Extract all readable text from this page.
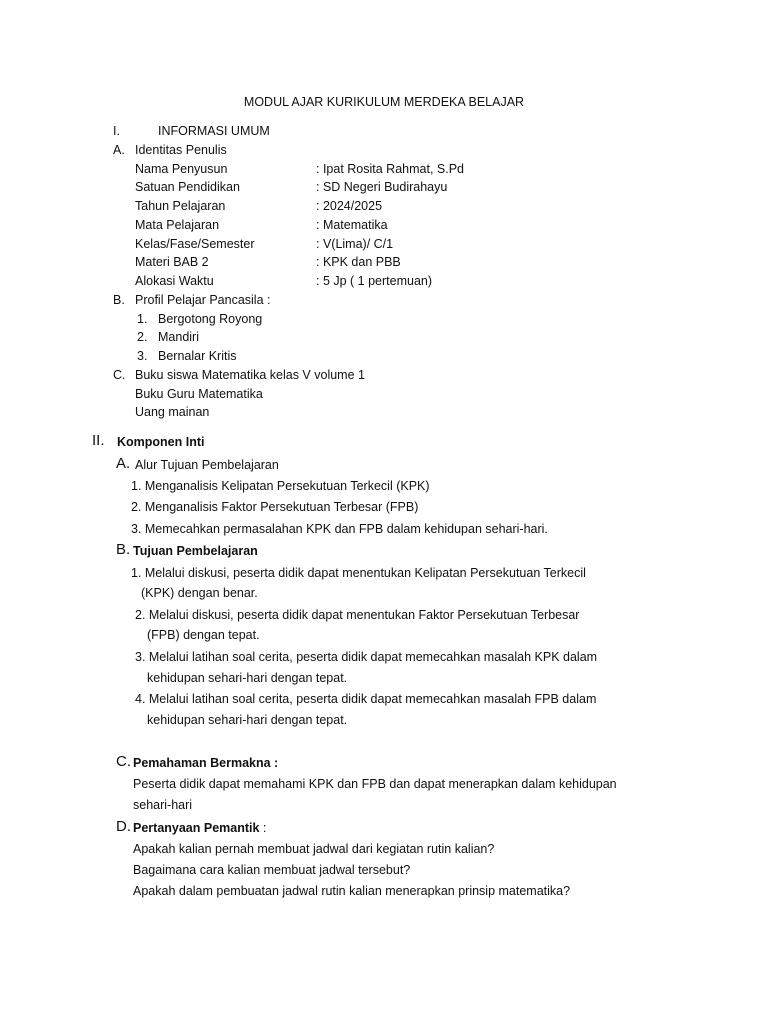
MODUL AJAR KURIKULUM MERDEKA BELAJAR
I.	INFORMASI UMUM
A. Identitas Penulis
Nama Penyusun	: Ipat Rosita Rahmat, S.Pd
Satuan Pendidikan	: SD Negeri Budirahayu
Tahun Pelajaran	: 2024/2025
Mata Pelajaran	: Matematika
Kelas/Fase/Semester	: V(Lima)/ C/1
Materi BAB 2	: KPK dan PBB
Alokasi Waktu	: 5 Jp ( 1 pertemuan)
B. Profil Pelajar Pancasila :
1. Bergotong Royong
2. Mandiri
3. Bernalar Kritis
C. Buku siswa Matematika kelas V volume 1
Buku Guru Matematika
Uang mainan
II. Komponen Inti
A. Alur Tujuan Pembelajaran
1. Menganalisis Kelipatan Persekutuan Terkecil (KPK)
2. Menganalisis Faktor Persekutuan Terbesar (FPB)
3. Memecahkan permasalahan KPK dan FPB dalam kehidupan sehari-hari.
B. Tujuan Pembelajaran
1. Melalui diskusi, peserta didik dapat menentukan Kelipatan Persekutuan Terkecil
(KPK) dengan benar.
2. Melalui diskusi, peserta didik dapat menentukan Faktor Persekutuan Terbesar
(FPB) dengan tepat.
3. Melalui latihan soal cerita, peserta didik dapat memecahkan masalah KPK dalam
kehidupan sehari-hari dengan tepat.
4. Melalui latihan soal cerita, peserta didik dapat memecahkan masalah FPB dalam
kehidupan sehari-hari dengan tepat.
C. Pemahaman Bermakna :
Peserta didik dapat memahami KPK dan FPB dan dapat menerapkan dalam kehidupan
sehari-hari
D. Pertanyaan Pemantik :
Apakah kalian pernah membuat jadwal dari kegiatan rutin kalian?
Bagaimana cara kalian membuat jadwal tersebut?
Apakah dalam pembuatan jadwal rutin kalian menerapkan prinsip matematika?
